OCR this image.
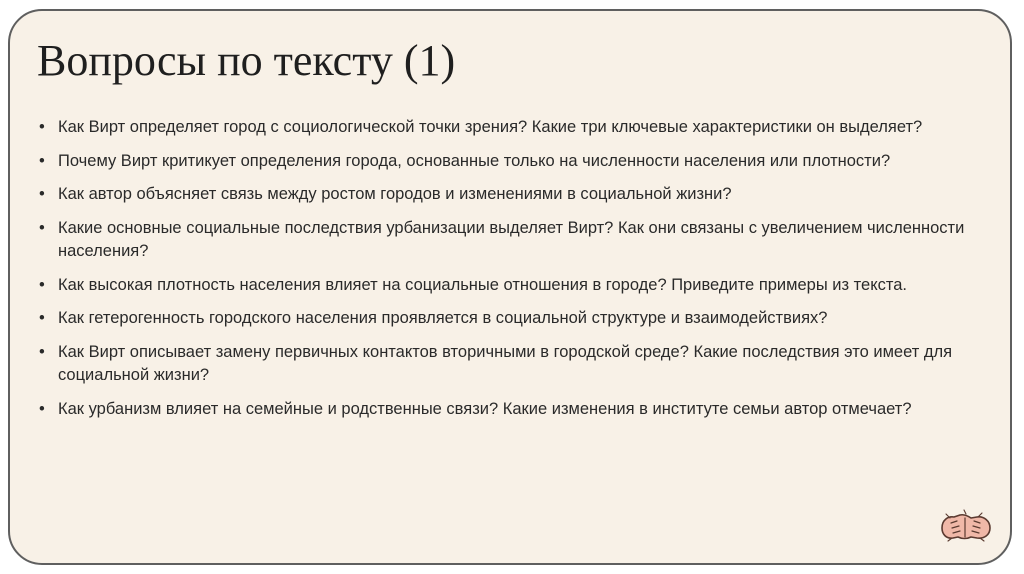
Вопросы по тексту (1)
• Как Вирт определяет город с социологической точки зрения? Какие три ключевые характеристики он выделяет?
• Почему Вирт критикует определения города, основанные только на численности населения или плотности?
• Как автор объясняет связь между ростом городов и изменениями в социальной жизни?
• Какие основные социальные последствия урбанизации выделяет Вирт? Как они связаны с увеличением численности населения?
• Как высокая плотность населения влияет на социальные отношения в городе? Приведите примеры из текста.
• Как гетерогенность городского населения проявляется в социальной структуре и взаимодействиях?
• Как Вирт описывает замену первичных контактов вторичными в городской среде? Какие последствия это имеет для социальной жизни?
• Как урбанизм влияет на семейные и родственные связи? Какие изменения в институте семьи автор отмечает?
